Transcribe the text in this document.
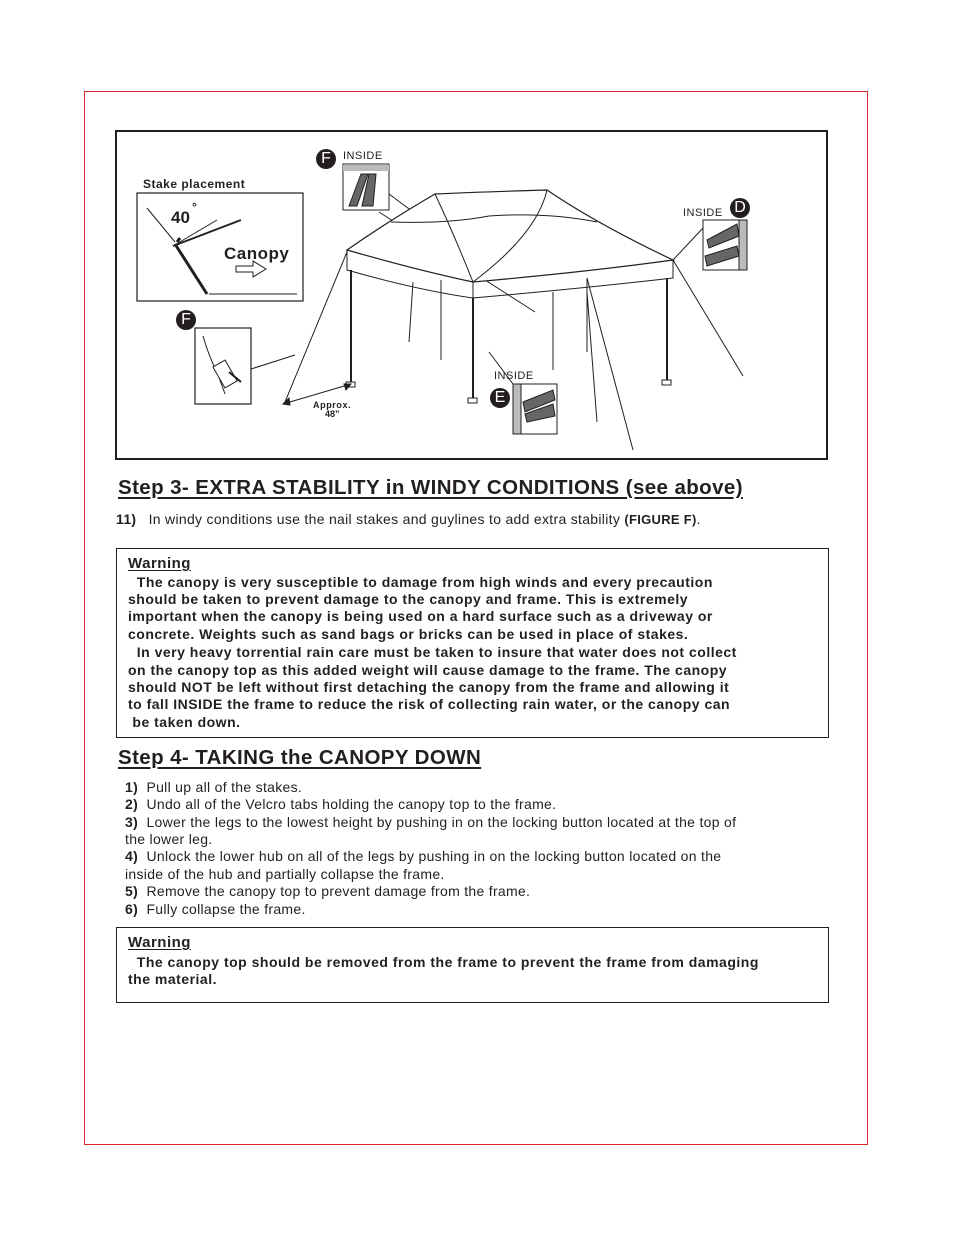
Stake placement
40
°
Canopy
F	INSIDE
F
INSIDE D
INSIDE
E
Approx.
48”
Step 3- EXTRA STABILITY in WINDY CONDITIONS (see above)
11) In windy conditions use the nail stakes and guylines to add extra stability (FIGURE F).
Warning
The canopy is very susceptible to damage from high winds and every precaution
should be taken to prevent damage to the canopy and frame. This is extremely
important when the canopy is being used on a hard surface such as a driveway or
concrete. Weights such as sand bags or bricks can be used in place of stakes.
In very heavy torrential rain care must be taken to insure that water does not collect
on the canopy top as this added weight will cause damage to the frame. The canopy
should NOT be left without first detaching the canopy from the frame and allowing it
to fall INSIDE the frame to reduce the risk of collecting rain water, or the canopy can
be taken down.
Step 4- TAKING the CANOPY DOWN
1)  Pull up all of the stakes.
2)  Undo all of the Velcro tabs holding the canopy top to the frame.
3)  Lower the legs to the lowest height by pushing in on the locking button located at the top of
the lower leg.
4)  Unlock the lower hub on all of the legs by pushing in on the locking button located on the
inside of the hub and partially collapse the frame.
5)  Remove the canopy top to prevent damage from the frame.
6)  Fully collapse the frame.
Warning
The canopy top should be removed from the frame to prevent the frame from damaging
the material.
